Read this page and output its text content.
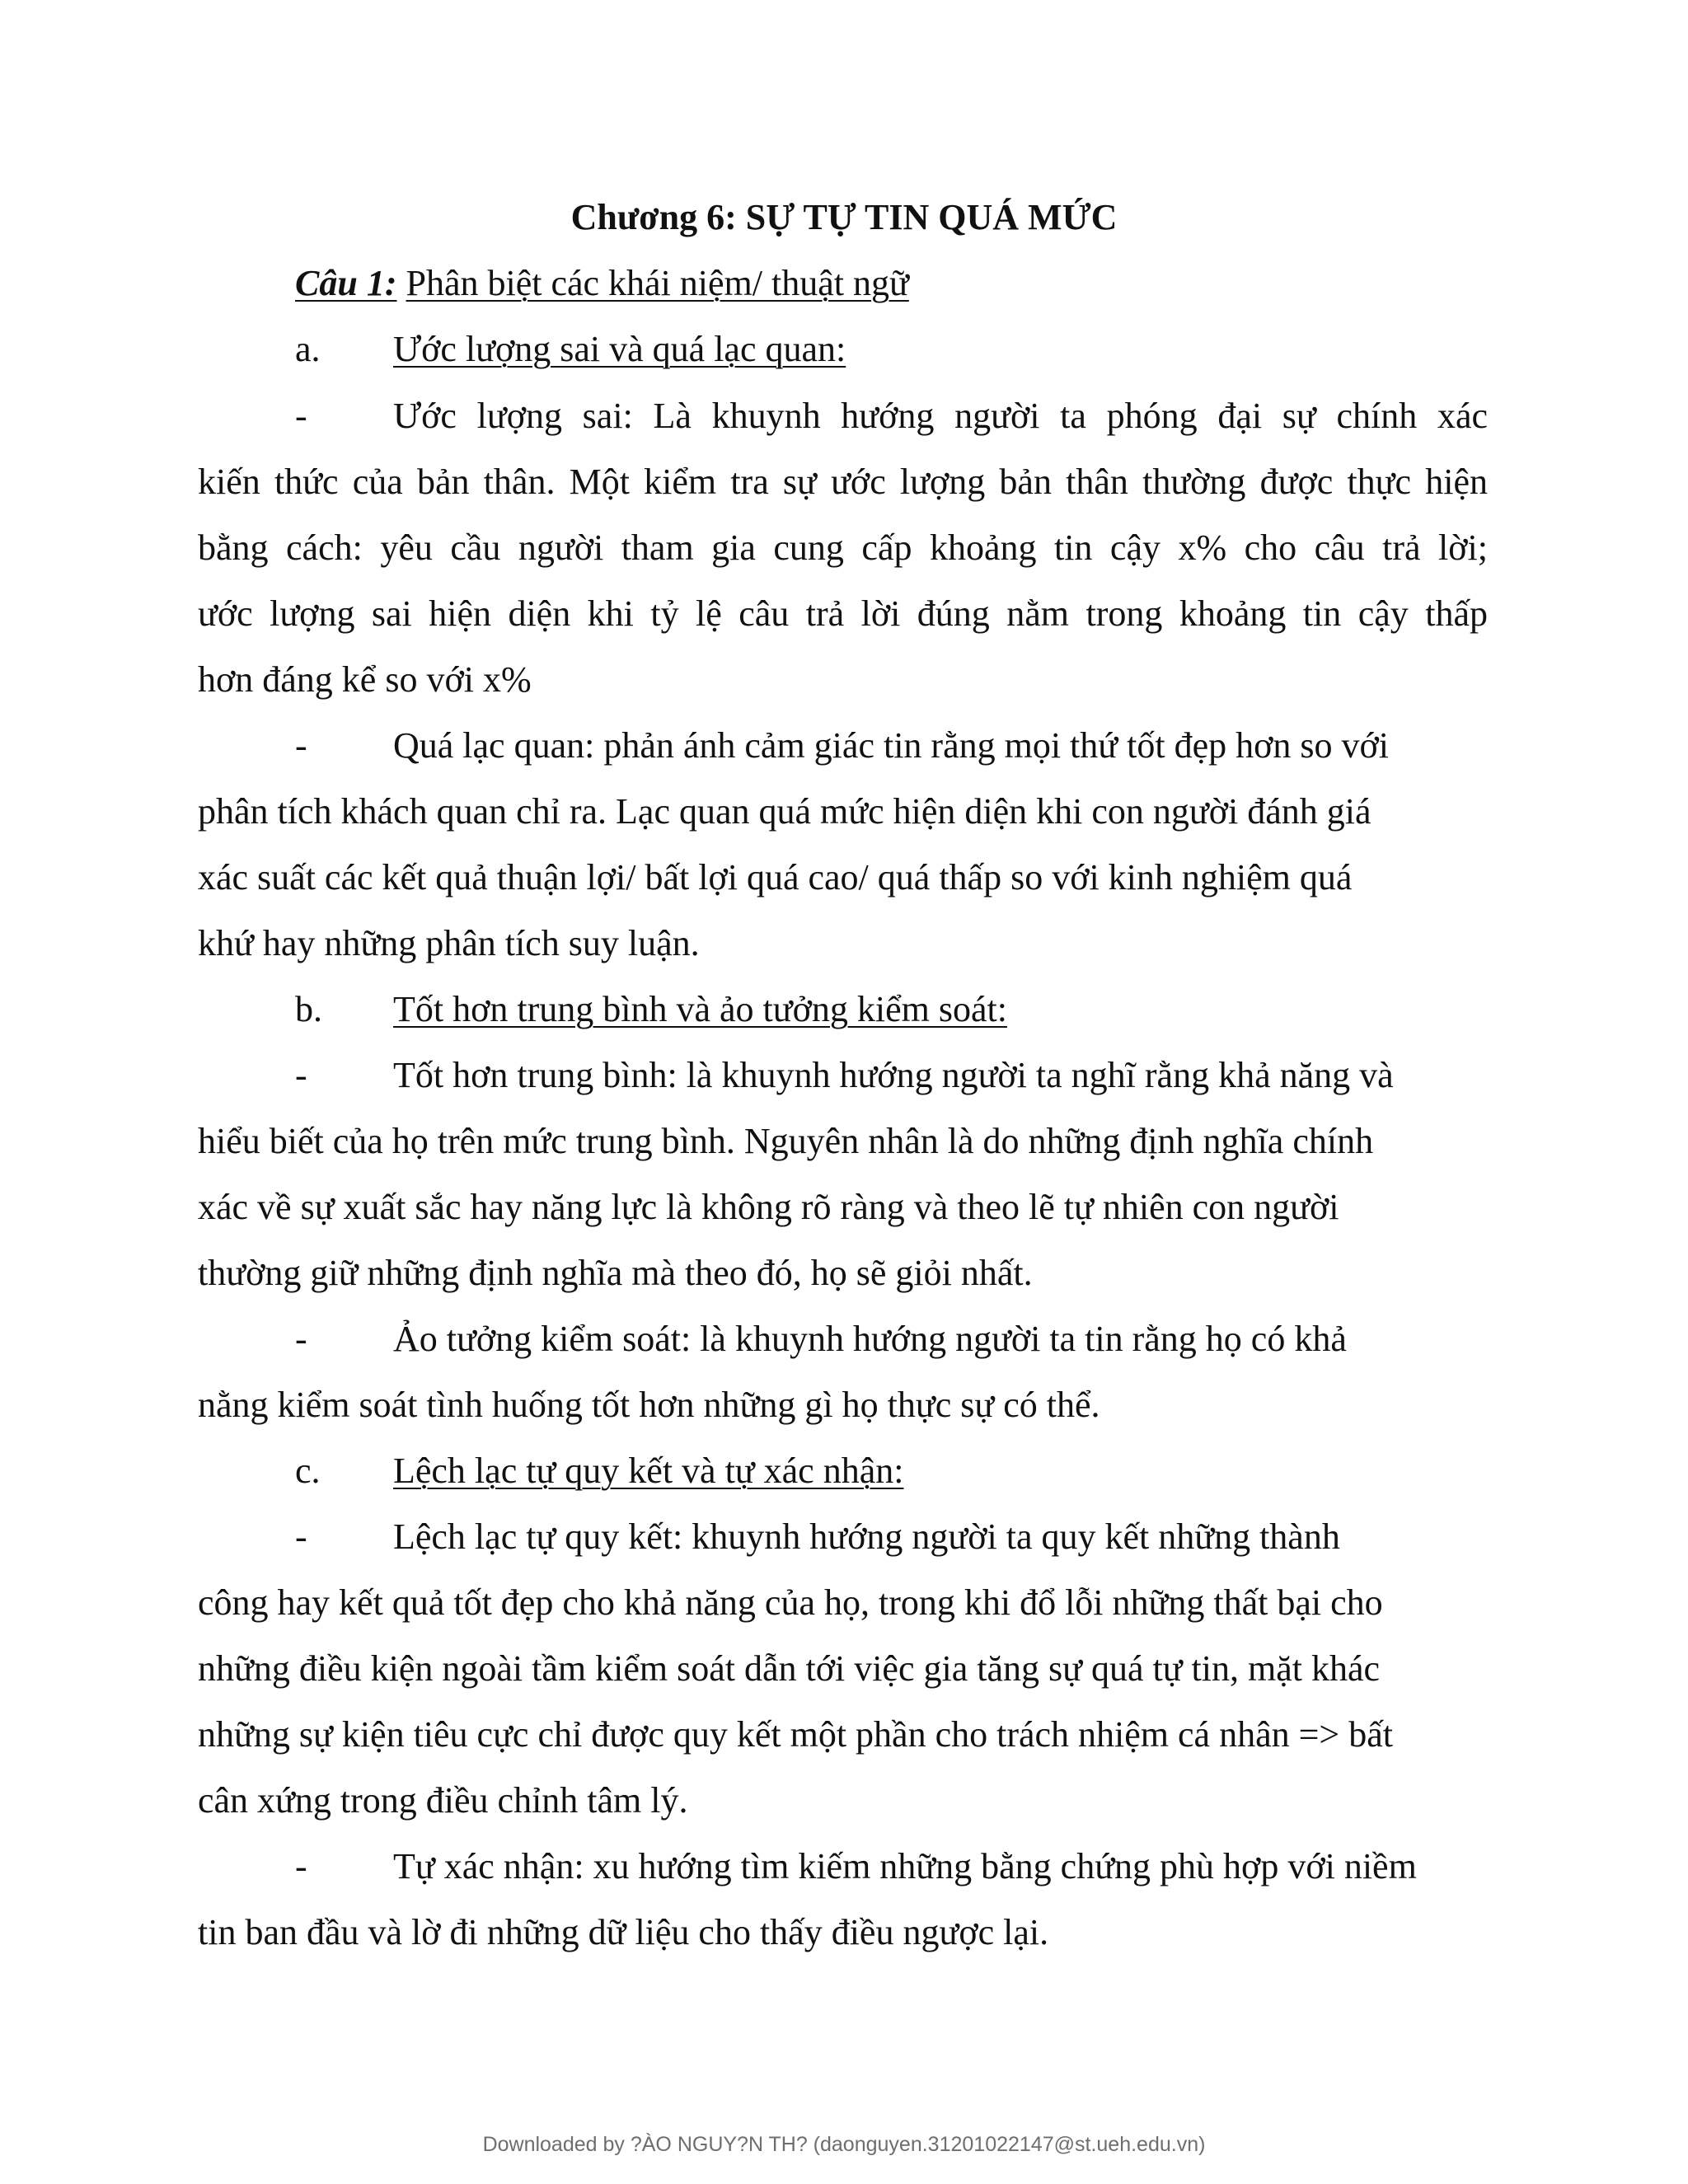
Chương 6: SỰ TỰ TIN QUÁ MỨC
Câu 1: Phân biệt các khái niệm/ thuật ngữ
a. Ước lượng sai và quá lạc quan:
- Ước lượng sai: Là khuynh hướng người ta phóng đại sự chính xác
kiến thức của bản thân. Một kiểm tra sự ước lượng bản thân thường được thực hiện
bằng cách: yêu cầu người tham gia cung cấp khoảng tin cậy x% cho câu trả lời;
ước lượng sai hiện diện khi tỷ lệ câu trả lời đúng nằm trong khoảng tin cậy thấp
hơn đáng kể so với x%
- Quá lạc quan: phản ánh cảm giác tin rằng mọi thứ tốt đẹp hơn so với
phân tích khách quan chỉ ra. Lạc quan quá mức hiện diện khi con người đánh giá
xác suất các kết quả thuận lợi/ bất lợi quá cao/ quá thấp so với kinh nghiệm quá
khứ hay những phân tích suy luận.
b. Tốt hơn trung bình và ảo tưởng kiểm soát:
- Tốt hơn trung bình: là khuynh hướng người ta nghĩ rằng khả năng và
hiểu biết của họ trên mức trung bình. Nguyên nhân là do những định nghĩa chính
xác về sự xuất sắc hay năng lực là không rõ ràng và theo lẽ tự nhiên con người
thường giữ những định nghĩa mà theo đó, họ sẽ giỏi nhất.
- Ảo tưởng kiểm soát: là khuynh hướng người ta tin rằng họ có khả
nằng kiểm soát tình huống tốt hơn những gì họ thực sự có thể.
c. Lệch lạc tự quy kết và tự xác nhận:
- Lệch lạc tự quy kết: khuynh hướng người ta quy kết những thành
công hay kết quả tốt đẹp cho khả năng của họ, trong khi đổ lỗi những thất bại cho
những điều kiện ngoài tầm kiểm soát dẫn tới việc gia tăng sự quá tự tin, mặt khác
những sự kiện tiêu cực chỉ được quy kết một phần cho trách nhiệm cá nhân => bất
cân xứng trong điều chỉnh tâm lý.
- Tự xác nhận: xu hướng tìm kiếm những bằng chứng phù hợp với niềm
tin ban đầu và lờ đi những dữ liệu cho thấy điều ngược lại.
Downloaded by ?ÀO NGUY?N TH? (daonguyen.31201022147@st.ueh.edu.vn)
